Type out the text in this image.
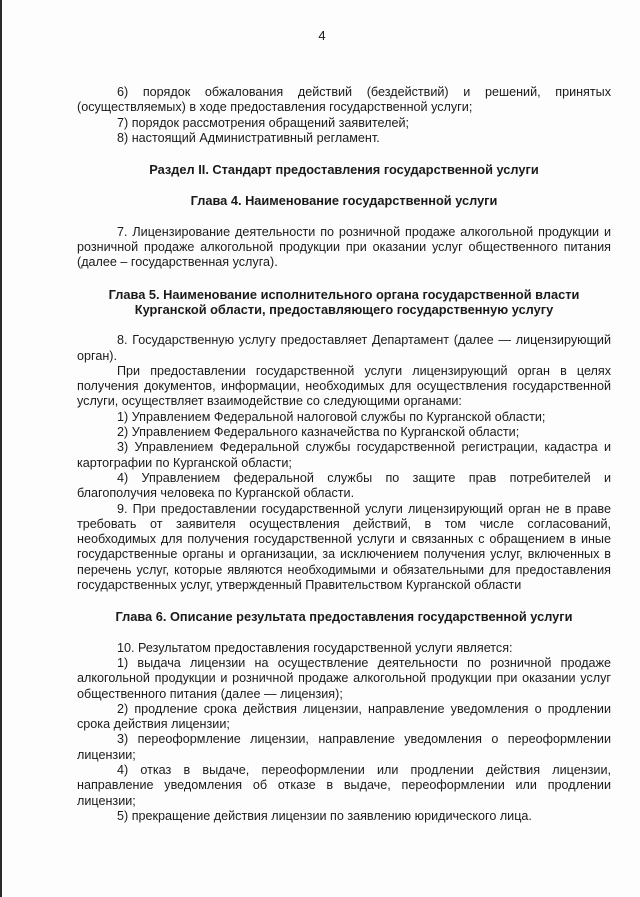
4

6) порядок обжалования действий (бездействий) и решений, принятых (осуществляемых) в ходе предоставления государственной услуги;

7) порядок рассмотрения обращений заявителей;

8) настоящий Административный регламент.

Раздел II. Стандарт предоставления государственной услуги

Глава 4. Наименование государственной услуги

7. Лицензирование деятельности по розничной продаже алкогольной продукции и розничной продаже алкогольной продукции при оказании услуг общественного питания (далее – государственная услуга).

Глава 5. Наименование исполнительного органа государственной власти Курганской области, предоставляющего государственную услугу

8. Государственную услугу предоставляет Департамент (далее — лицензирующий орган).

При предоставлении государственной услуги лицензирующий орган в целях получения документов, информации, необходимых для осуществления государственной услуги, осуществляет взаимодействие со следующими органами:

1) Управлением Федеральной налоговой службы по Курганской области;

2) Управлением Федерального казначейства по Курганской области;

3) Управлением Федеральной службы государственной регистрации, кадастра и картографии по Курганской области;

4) Управлением федеральной службы по защите прав потребителей и благополучия человека по Курганской области.

9. При предоставлении государственной услуги лицензирующий орган не в праве требовать от заявителя осуществления действий, в том числе согласований, необходимых для получения государственной услуги и связанных с обращением в иные государственные органы и организации, за исключением получения услуг, включенных в перечень услуг, которые являются необходимыми и обязательными для предоставления государственных услуг, утвержденный Правительством Курганской области

Глава 6. Описание результата предоставления государственной услуги

10. Результатом предоставления государственной услуги является:

1) выдача лицензии на осуществление деятельности по розничной продаже алкогольной продукции и розничной продаже алкогольной продукции при оказании услуг общественного питания (далее — лицензия);

2) продление срока действия лицензии, направление уведомления о продлении срока действия лицензии;

3) переоформление лицензии, направление уведомления о переоформлении лицензии;

4) отказ в выдаче, переоформлении или продлении действия лицензии, направление уведомления об отказе в выдаче, переоформлении или продлении лицензии;

5) прекращение действия лицензии по заявлению юридического лица.
